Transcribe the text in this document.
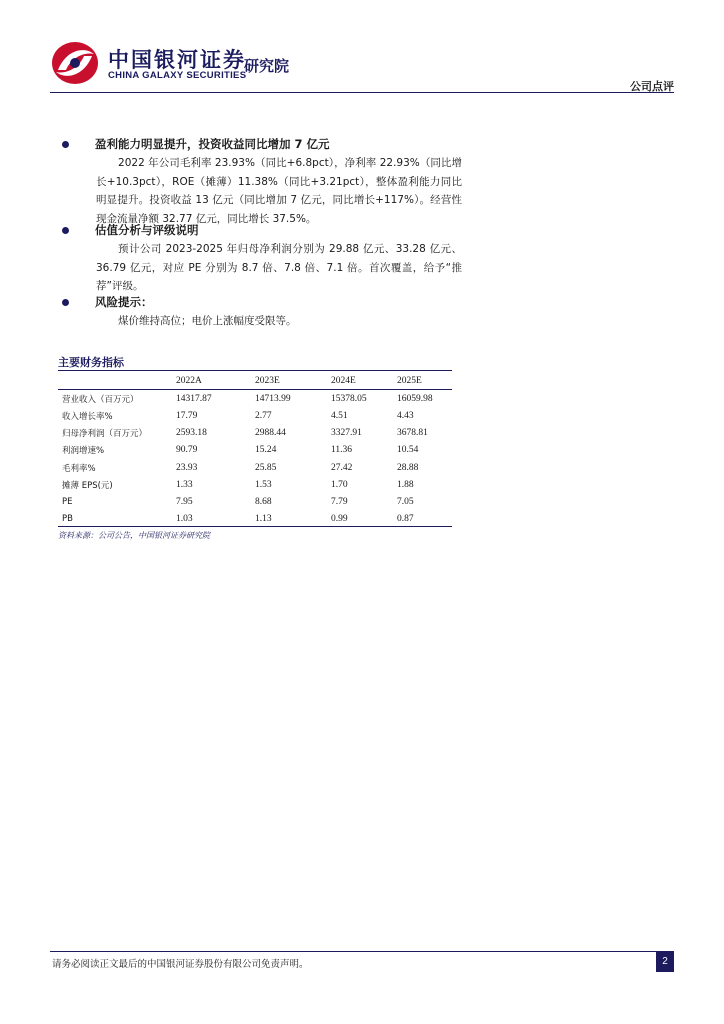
中国银河证券
CHINA GALAXY SECURITIES
研究院
公司点评
盈利能力明显提升，投资收益同比增加 7 亿元
2022 年公司毛利率 23.93%（同比+6.8pct），净利率 22.93%（同比增长+10.3pct），ROE（摊薄）11.38%（同比+3.21pct），整体盈利能力同比明显提升。投资收益 13 亿元（同比增加 7 亿元，同比增长+117%）。经营性现金流量净额 32.77 亿元，同比增长 37.5%。
估值分析与评级说明
预计公司 2023-2025 年归母净利润分别为 29.88 亿元、33.28 亿元、36.79 亿元，对应 PE 分别为 8.7 倍、7.8 倍、7.1 倍。首次覆盖，给予“推荐”评级。
风险提示：
煤价维持高位；电价上涨幅度受限等。
主要财务指标
	2022A	2023E	2024E	2025E
营业收入（百万元）	14317.87	14713.99	15378.05	16059.98
收入增长率%	17.79	2.77	4.51	4.43
归母净利润（百万元）	2593.18	2988.44	3327.91	3678.81
利润增速%	90.79	15.24	11.36	10.54
毛利率%	23.93	25.85	27.42	28.88
摊薄 EPS(元)	1.33	1.53	1.70	1.88
PE	7.95	8.68	7.79	7.05
PB	1.03	1.13	0.99	0.87
资料来源：公司公告，中国银河证券研究院
请务必阅读正文最后的中国银河证券股份有限公司免责声明。	2
